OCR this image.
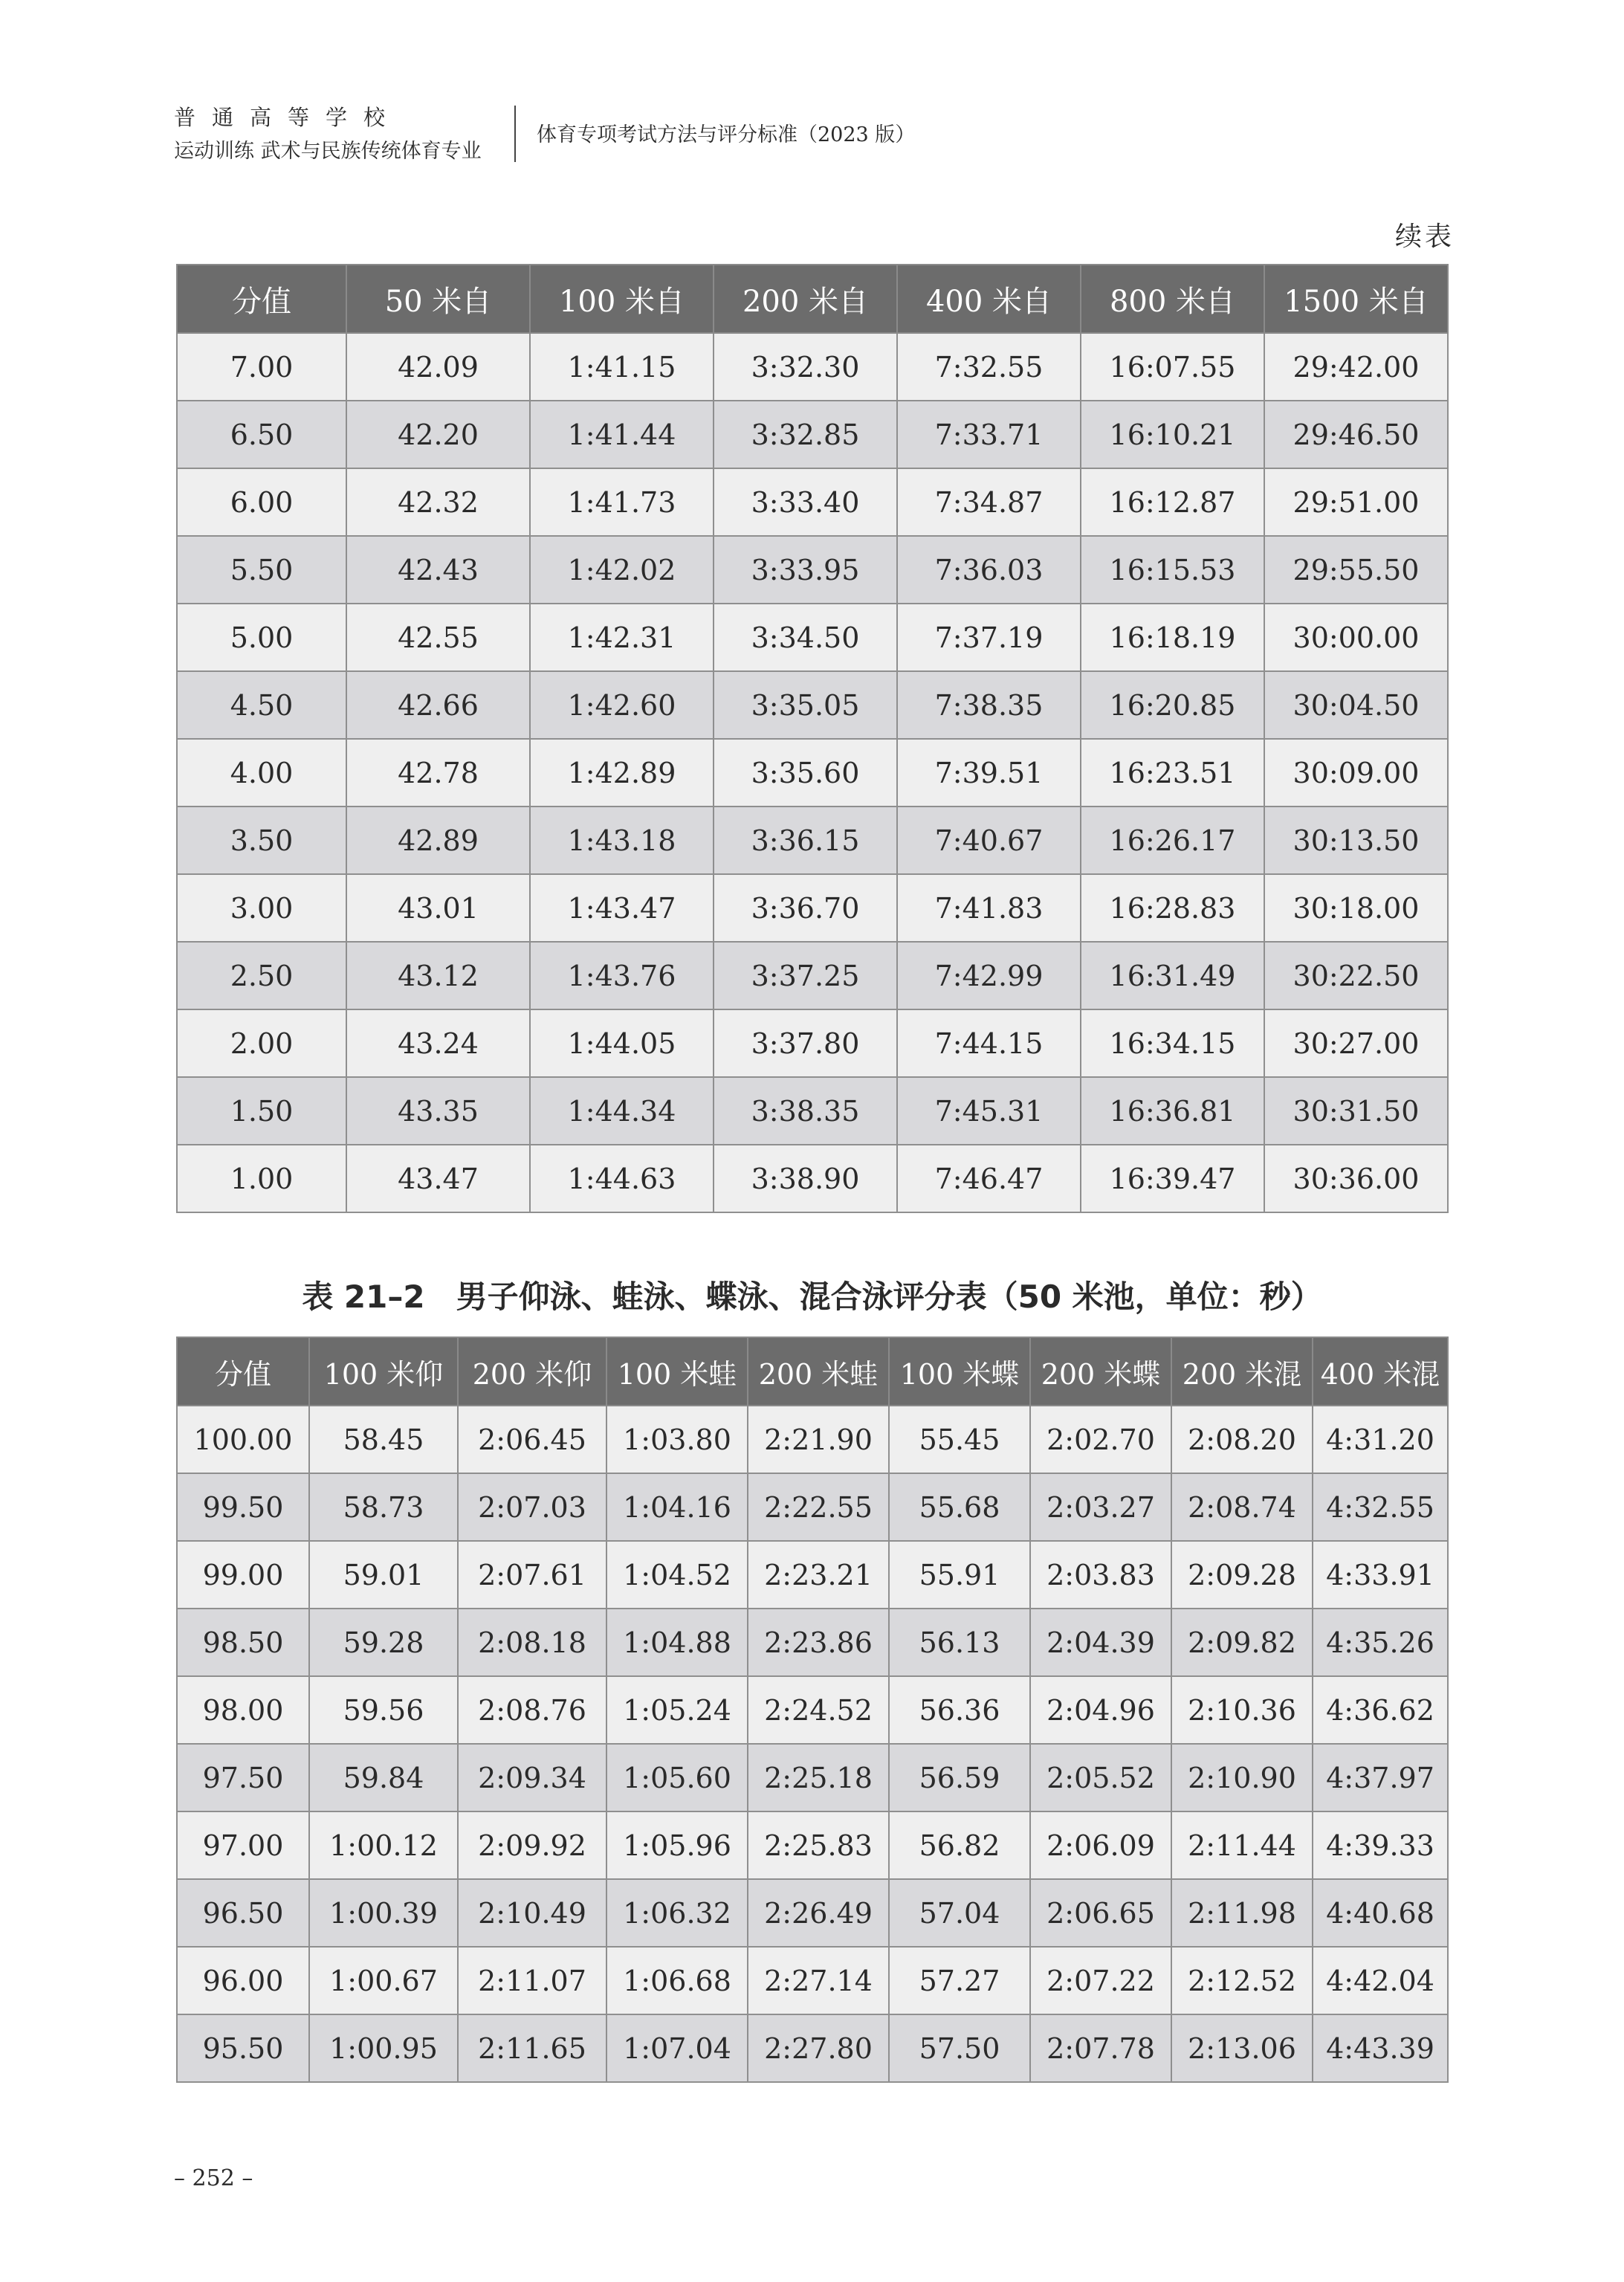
普通高等学校
运动训练 武术与民族传统体育专业
体育专项考试方法与评分标准（2023 版）
续表
分值	50 米自	100 米自	200 米自	400 米自	800 米自	1500 米自
7.00	42.09	1:41.15	3:32.30	7:32.55	16:07.55	29:42.00
6.50	42.20	1:41.44	3:32.85	7:33.71	16:10.21	29:46.50
6.00	42.32	1:41.73	3:33.40	7:34.87	16:12.87	29:51.00
5.50	42.43	1:42.02	3:33.95	7:36.03	16:15.53	29:55.50
5.00	42.55	1:42.31	3:34.50	7:37.19	16:18.19	30:00.00
4.50	42.66	1:42.60	3:35.05	7:38.35	16:20.85	30:04.50
4.00	42.78	1:42.89	3:35.60	7:39.51	16:23.51	30:09.00
3.50	42.89	1:43.18	3:36.15	7:40.67	16:26.17	30:13.50
3.00	43.01	1:43.47	3:36.70	7:41.83	16:28.83	30:18.00
2.50	43.12	1:43.76	3:37.25	7:42.99	16:31.49	30:22.50
2.00	43.24	1:44.05	3:37.80	7:44.15	16:34.15	30:27.00
1.50	43.35	1:44.34	3:38.35	7:45.31	16:36.81	30:31.50
1.00	43.47	1:44.63	3:38.90	7:46.47	16:39.47	30:36.00
表 21–2　男子仰泳、蛙泳、蝶泳、混合泳评分表（50 米池，单位：秒）
分值	100 米仰	200 米仰	100 米蛙	200 米蛙	100 米蝶	200 米蝶	200 米混	400 米混
100.00	58.45	2:06.45	1:03.80	2:21.90	55.45	2:02.70	2:08.20	4:31.20
99.50	58.73	2:07.03	1:04.16	2:22.55	55.68	2:03.27	2:08.74	4:32.55
99.00	59.01	2:07.61	1:04.52	2:23.21	55.91	2:03.83	2:09.28	4:33.91
98.50	59.28	2:08.18	1:04.88	2:23.86	56.13	2:04.39	2:09.82	4:35.26
98.00	59.56	2:08.76	1:05.24	2:24.52	56.36	2:04.96	2:10.36	4:36.62
97.50	59.84	2:09.34	1:05.60	2:25.18	56.59	2:05.52	2:10.90	4:37.97
97.00	1:00.12	2:09.92	1:05.96	2:25.83	56.82	2:06.09	2:11.44	4:39.33
96.50	1:00.39	2:10.49	1:06.32	2:26.49	57.04	2:06.65	2:11.98	4:40.68
96.00	1:00.67	2:11.07	1:06.68	2:27.14	57.27	2:07.22	2:12.52	4:42.04
95.50	1:00.95	2:11.65	1:07.04	2:27.80	57.50	2:07.78	2:13.06	4:43.39
– 252 –
